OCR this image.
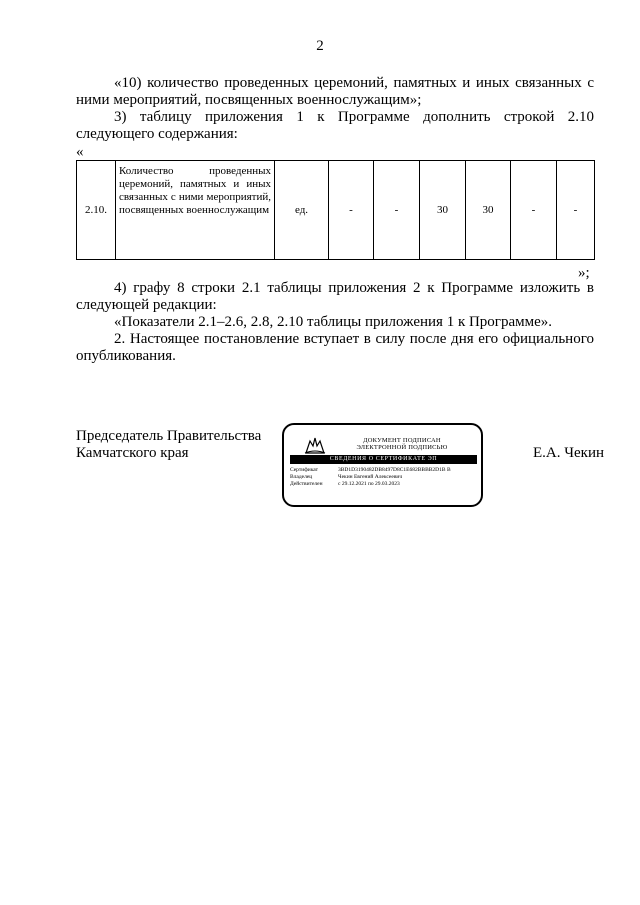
2

«10) количество проведенных церемоний, памятных и иных связанных с ними мероприятий, посвященных военнослужащим»;

3) таблицу приложения 1 к Программе дополнить строкой 2.10 следующего содержания:

«
2.10.	Количество проведенных церемоний, памятных и иных связанных с ними мероприятий, посвященных военнослужащим	ед.	-	-	30	30	-	-
»;

4) графу 8 строки 2.1 таблицы приложения 2 к Программе изложить в следующей редакции:

«Показатели 2.1–2.6, 2.8, 2.10 таблицы приложения 1 к Программе».

2. Настоящее постановление вступает в силу после дня его официального опубликования.

Председатель Правительства
Камчатского края
ДОКУМЕНТ ПОДПИСАН
ЭЛЕКТРОННОЙ ПОДПИСЬЮ
СВЕДЕНИЯ О СЕРТИФИКАТЕ ЭП
Сертификат	3BD1D3190482DB8497D8C1E682BBBB2D1B B
Владелец	Чекин Евгений Алексеевич
Действителен	с 29.12.2021 по 29.03.2023
Е.А. Чекин
